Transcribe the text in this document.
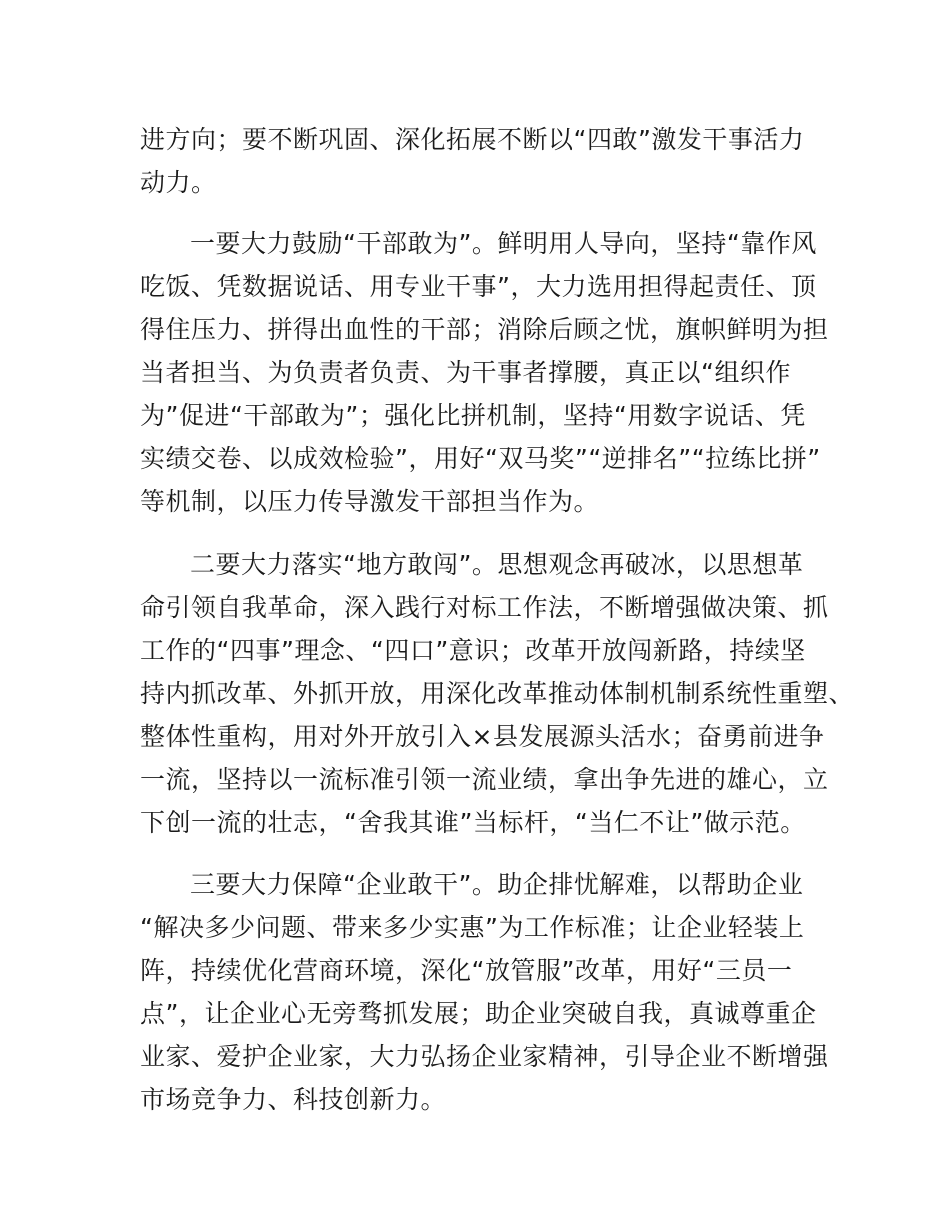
进方向；要不断巩固、深化拓展不断以“四敢”激发干事活力
动力。
一要大力鼓励“干部敢为”。鲜明用人导向，坚持“靠作风
吃饭、凭数据说话、用专业干事”，大力选用担得起责任、顶
得住压力、拼得出血性的干部；消除后顾之忧，旗帜鲜明为担
当者担当、为负责者负责、为干事者撑腰，真正以“组织作
为”促进“干部敢为”；强化比拼机制，坚持“用数字说话、凭
实绩交卷、以成效检验”，用好“双马奖”“逆排名”“拉练比拼”
等机制，以压力传导激发干部担当作为。
二要大力落实“地方敢闯”。思想观念再破冰，以思想革
命引领自我革命，深入践行对标工作法，不断增强做决策、抓
工作的“四事”理念、“四口”意识；改革开放闯新路，持续坚
持内抓改革、外抓开放，用深化改革推动体制机制系统性重塑、
整体性重构，用对外开放引入×县发展源头活水；奋勇前进争
一流，坚持以一流标准引领一流业绩，拿出争先进的雄心，立
下创一流的壮志，“舍我其谁”当标杆，“当仁不让”做示范。
三要大力保障“企业敢干”。助企排忧解难，以帮助企业
“解决多少问题、带来多少实惠”为工作标准；让企业轻装上
阵，持续优化营商环境，深化“放管服”改革，用好“三员一
点”，让企业心无旁骛抓发展；助企业突破自我，真诚尊重企
业家、爱护企业家，大力弘扬企业家精神，引导企业不断增强
市场竞争力、科技创新力。
